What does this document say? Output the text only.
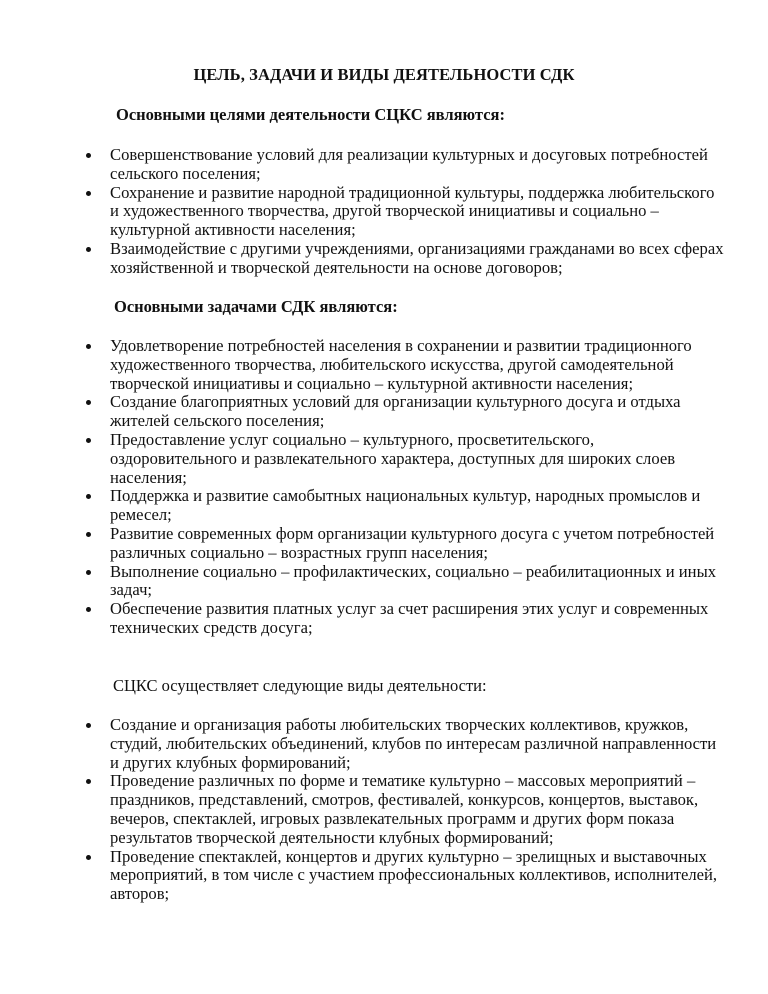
ЦЕЛЬ, ЗАДАЧИ И ВИДЫ ДЕЯТЕЛЬНОСТИ СДК
Основными целями деятельности СЦКС являются:
Совершенствование условий для реализации культурных и досуговых потребностей сельского поселения;
Сохранение и развитие народной традиционной культуры, поддержка любительского и художественного творчества, другой творческой инициативы и социально – культурной активности населения;
Взаимодействие с другими учреждениями, организациями гражданами во всех сферах хозяйственной и творческой деятельности на основе договоров;
Основными задачами СДК являются:
Удовлетворение потребностей населения в сохранении и развитии традиционного художественного творчества, любительского искусства, другой самодеятельной творческой инициативы и социально – культурной активности населения;
Создание благоприятных условий для организации культурного досуга и отдыха жителей сельского поселения;
Предоставление услуг социально – культурного, просветительского, оздоровительного и развлекательного характера, доступных для широких слоев населения;
Поддержка и развитие самобытных национальных культур, народных промыслов и ремесел;
Развитие современных форм организации культурного досуга с учетом потребностей различных социально – возрастных групп населения;
Выполнение социально – профилактических, социально – реабилитационных и иных задач;
Обеспечение развития платных услуг за счет расширения этих услуг и современных технических средств досуга;
СЦКС осуществляет следующие виды деятельности:
Создание и организация работы любительских творческих коллективов, кружков, студий, любительских объединений, клубов по интересам различной направленности и других клубных формирований;
Проведение различных по форме и тематике культурно – массовых мероприятий – праздников, представлений, смотров, фестивалей, конкурсов, концертов, выставок, вечеров, спектаклей, игровых развлекательных программ и других форм показа результатов творческой деятельности клубных формирований;
Проведение спектаклей, концертов и других культурно – зрелищных и выставочных мероприятий, в том числе с участием профессиональных коллективов, исполнителей, авторов;
